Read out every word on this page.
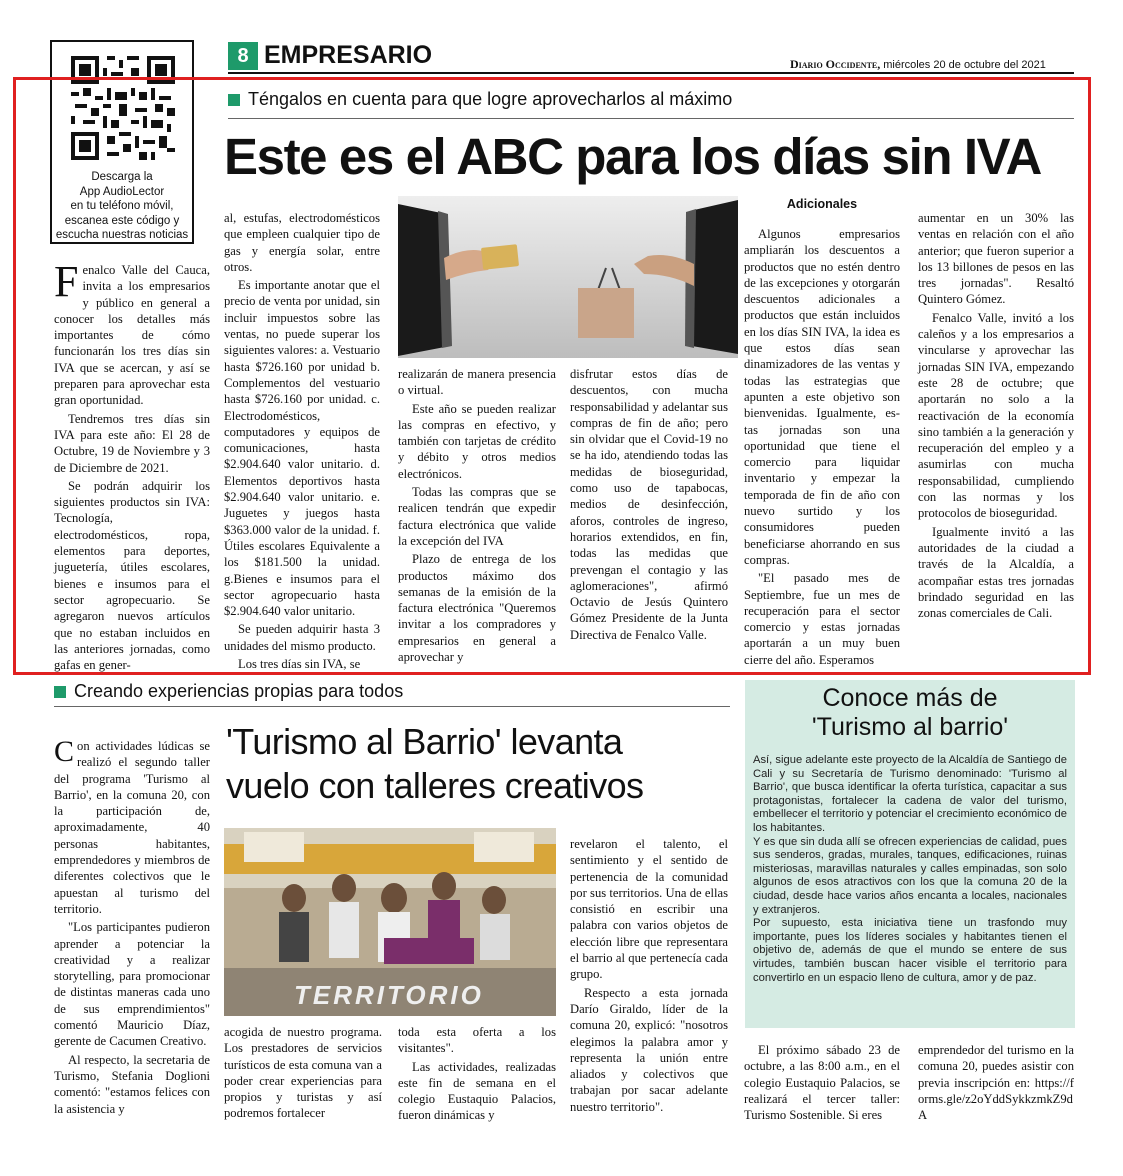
8 EMPRESARIO	Diario Occidente, miércoles 20 de octubre del 2021
Descarga la
App AudioLector
en tu teléfono móvil,
escanea este código y
escucha nuestras noticias
Téngalos en cuenta para que logre aprovecharlos al máximo
Este es el ABC para los días sin IVA

Fenalco Valle del Cauca, invita a los empresarios y público en general a conocer los detalles más importantes de cómo funcionarán los tres días sin IVA que se acercan, y así se preparen para aprovechar esta gran oportunidad.

Tendremos tres días sin IVA para este año: El 28 de Octubre, 19 de Noviembre y 3 de Diciembre de 2021.

Se podrán adquirir los siguientes productos sin IVA: Tecnología, electrodomésticos, ropa, elementos para deportes, juguetería, útiles escolares, bienes e insumos para el sector agropecuario. Se agregaron nuevos artículos que no estaban incluidos en las anteriores jornadas, como gafas en gener-

al, estufas, electrodomésticos que empleen cualquier tipo de gas y energía solar, entre otros.

Es importante anotar que el precio de venta por unidad, sin incluir impuestos sobre las ventas, no puede superar los siguientes valores: a. Vestuario hasta $726.160 por unidad b. Complementos del vestuario hasta $726.160 por unidad. c. Electrodomésticos, computadores y equipos de comunicaciones, hasta $2.904.640 valor unitario. d. Elementos deportivos hasta $2.904.640 valor unitario. e. Juguetes y juegos hasta $363.000 valor de la unidad. f. Útiles escolares Equivalente a los $181.500 la unidad. g.Bienes e insumos para el sector agropecuario hasta $2.904.640 valor unitario.

Se pueden adquirir hasta 3 unidades del mismo producto.

Los tres días sin IVA, se

realizarán de manera presencia o virtual.

Este año se pueden realizar las compras en efectivo, y también con tarjetas de crédito y débito y otros medios electrónicos.

Todas las compras que se realicen tendrán que expedir factura electrónica que valide la excepción del IVA

Plazo de entrega de los productos máximo dos semanas de la emisión de la factura electrónica "Queremos invitar a los compradores y empresarios en general a aprovechar y

disfrutar estos días de descuentos, con mucha responsabilidad y adelantar sus compras de fin de año; pero sin olvidar que el Covid-19 no se ha ido, atendiendo todas las medidas de bioseguridad, como uso de tapabocas, medios de desinfección, aforos, controles de ingreso, horarios extendidos, en fin, todas las medidas que prevengan el contagio y las aglomeraciones", afirmó Octavio de Jesús Quintero Gómez Presidente de la Junta Directiva de Fenalco Valle.

Adicionales

Algunos empresarios ampliarán los descuentos a productos que no estén dentro de las excepciones y otorgarán descuentos adicionales a productos que están incluidos en los días SIN IVA, la idea es que estos días sean dinamizadores de las ventas y todas las estrategias que apunten a este objetivo son bienvenidas. Igualmente, es-tas jornadas son una oportunidad que tiene el comercio para liquidar inventario y empezar la temporada de fin de año con nuevo surtido y los consumidores pueden beneficiarse ahorrando en sus compras.

"El pasado mes de Septiembre, fue un mes de recuperación para el sector comercio y estas jornadas aportarán a un muy buen cierre del año. Esperamos

aumentar en un 30% las ventas en relación con el año anterior; que fueron superior a los 13 billones de pesos en las tres jornadas". Resaltó Quintero Gómez.

Fenalco Valle, invitó a los caleños y a los empresarios a vincularse y aprovechar las jornadas SIN IVA, empezando este 28 de octubre; que aportarán no solo a la reactivación de la economía sino también a la generación y recuperación del empleo y a asumirlas con mucha responsabilidad, cumpliendo con las normas y los protocolos de bioseguridad.

Igualmente invitó a las autoridades de la ciudad a través de la Alcaldía, a acompañar estas tres jornadas brindado seguridad en las zonas comerciales de Cali.

Creando experiencias propias para todos
'Turismo al Barrio' levanta
vuelo con talleres creativos
TERRITORIO

Con actividades lúdicas se realizó el segundo taller del programa 'Turismo al Barrio', en la comuna 20, con la participación de, aproximadamente, 40 personas habitantes, emprendedores y miembros de diferentes colectivos que le apuestan al turismo del territorio.

"Los participantes pudieron aprender a potenciar la creatividad y a realizar storytelling, para promocionar de distintas maneras cada uno de sus emprendimientos" comentó Mauricio Díaz, gerente de Cacumen Creativo.

Al respecto, la secretaria de Turismo, Stefania Doglioni comentó: "estamos felices con la asistencia y

acogida de nuestro programa. Los prestadores de servicios turísticos de esta comuna van a poder crear experiencias para propios y turistas y así podremos fortalecer

toda esta oferta a los visitantes".

Las actividades, realizadas este fin de semana en el colegio Eustaquio Palacios, fueron dinámicas y

revelaron el talento, el sentimiento y el sentido de pertenencia de la comunidad por sus territorios. Una de ellas consistió en escribir una palabra con varios objetos de elección libre que representara el barrio al que pertenecía cada grupo.

Respecto a esta jornada Darío Giraldo, líder de la comuna 20, explicó: "nosotros elegimos la palabra amor y representa la unión entre aliados y colectivos que trabajan por sacar adelante nuestro territorio".

Conoce más de
'Turismo al barrio'

Así, sigue adelante este proyecto de la Alcaldía de Santiego de Cali y su Secretaría de Turismo denominado: 'Turismo al Barrio', que busca identificar la oferta turística, capacitar a sus protagonistas, fortalecer la cadena de valor del turismo, embellecer el territorio y potenciar el crecimiento económico de los habitantes.

Y es que sin duda allí se ofrecen experiencias de calidad, pues sus senderos, gradas, murales, tanques, edificaciones, ruinas misteriosas, maravillas naturales y calles empinadas, son solo algunos de esos atractivos con los que la comuna 20 de la ciudad, desde hace varios años encanta a locales, nacionales y extranjeros.

Por supuesto, esta iniciativa tiene un trasfondo muy importante, pues los líderes sociales y habitantes tienen el objetivo de, además de que el mundo se entere de sus virtudes, también buscan hacer visible el territorio para convertirlo en un espacio lleno de cultura, amor y de paz.

El próximo sábado 23 de octubre, a las 8:00 a.m., en el colegio Eustaquio Palacios, se realizará el tercer taller: Turismo Sostenible. Si eres

emprendedor del turismo en la comuna 20, puedes asistir con previa inscripción en: https://forms.gle/z2oYddSykkzmkZ9dA
